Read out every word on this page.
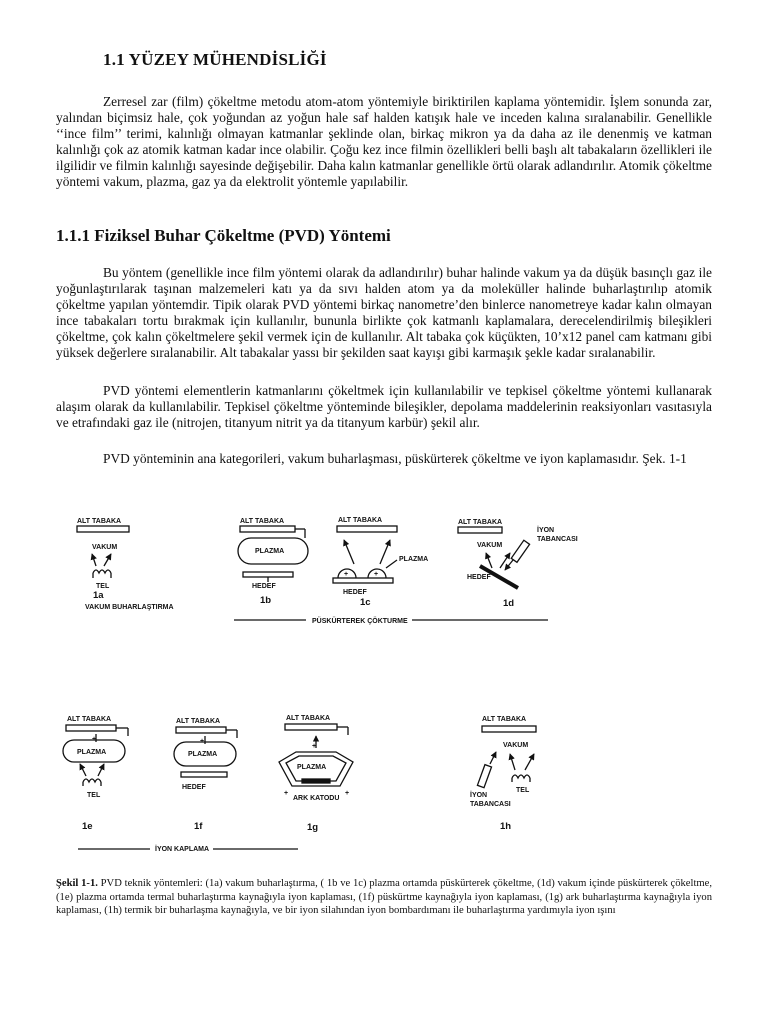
1.1 YÜZEY MÜHENDİSLİĞİ

Zerresel zar (film) çökeltme metodu atom-atom yöntemiyle biriktirilen kaplama yöntemidir. İşlem sonunda zar, yalından biçimsiz hale, çok yoğundan az yoğun hale saf halden katışık hale ve inceden kalına sıralanabilir. Genellikle ‘‘ince film’’ terimi, kalınlığı olmayan katmanlar şeklinde olan, birkaç mikron ya da daha az ile denenmiş ve katman kalınlığı çok az atomik katman kadar ince olabilir. Çoğu kez ince filmin özellikleri belli başlı alt tabakaların özellikleri ile ilgilidir ve filmin kalınlığı sayesinde değişebilir. Daha kalın katmanlar genellikle örtü olarak adlandırılır. Atomik çökeltme yöntemi vakum, plazma, gaz ya da elektrolit yöntemle yapılabilir.

1.1.1 Fiziksel Buhar Çökeltme (PVD) Yöntemi

Bu yöntem (genellikle ince film yöntemi olarak da adlandırılır) buhar halinde vakum ya da düşük basınçlı gaz ile yoğunlaştırılarak taşınan malzemeleri katı ya da sıvı halden atom ya da moleküller halinde buharlaştırılıp atomik çökeltme yapılan yöntemdir. Tipik olarak PVD yöntemi birkaç nanometre’den binlerce nanometreye kadar kalın olmayan ince tabakaları tortu bırakmak için kullanılır, bununla birlikte çok katmanlı kaplamalara, derecelendirilmiş bileşikleri çökeltme, çok kalın çökeltmelere şekil vermek için de kullanılır. Alt tabaka çok küçükten, 10’x12 panel cam katmanı gibi yüksek değerlere sıralanabilir. Alt tabakalar yassı bir şekilden saat kayışı gibi karmaşık şekle kadar sıralanabilir.

PVD yöntemi elementlerin katmanlarını çökeltmek için kullanılabilir ve tepkisel çökeltme yöntemi kullanarak alaşım olarak da kullanılabilir. Tepkisel çökeltme yönteminde bileşikler, depolama maddelerinin reaksiyonları vasıtasıyla ve etrafındaki gaz ile (nitrojen, titanyum nitrit ya da titanyum karbür) şekil alır.

PVD yönteminin ana kategorileri, vakum buharlaşması, püskürterek çökeltme ve iyon kaplamasıdır. Şek. 1-1

ALT TABAKA
VAKUM
TEL
1a
VAKUM BUHARLAŞTIRMA
ALT TABAKA
PLAZMA
HEDEF
1b
ALT TABAKA
+	+
PLAZMA
HEDEF
1c
ALT TABAKA
İYON
TABANCASI
VAKUM
HEDEF
1d
PÜSKÜRTEREK ÇÖKTURME
ALT TABAKA
+
PLAZMA
TEL
1e
ALT TABAKA
+
PLAZMA
HEDEF
1f
ALT TABAKA
+
PLAZMA
+	+
ARK KATODU
1g
ALT TABAKA
VAKUM
TEL
İYON
TABANCASI
1h
İYON KAPLAMA

Şekil 1-1. PVD teknik yöntemleri: (1a) vakum buharlaştırma, ( 1b ve 1c) plazma ortamda püskürterek çökeltme, (1d) vakum içinde püskürterek çökeltme, (1e) plazma ortamda termal buharlaştırma kaynağıyla iyon kaplaması, (1f) püskürtme kaynağıyla iyon kaplaması, (1g) ark buharlaştırma kaynağıyla iyon kaplaması, (1h) termik bir buharlaşma kaynağıyla, ve bir iyon silahından iyon bombardımanı ile buharlaştırma yardımıyla iyon ışını
